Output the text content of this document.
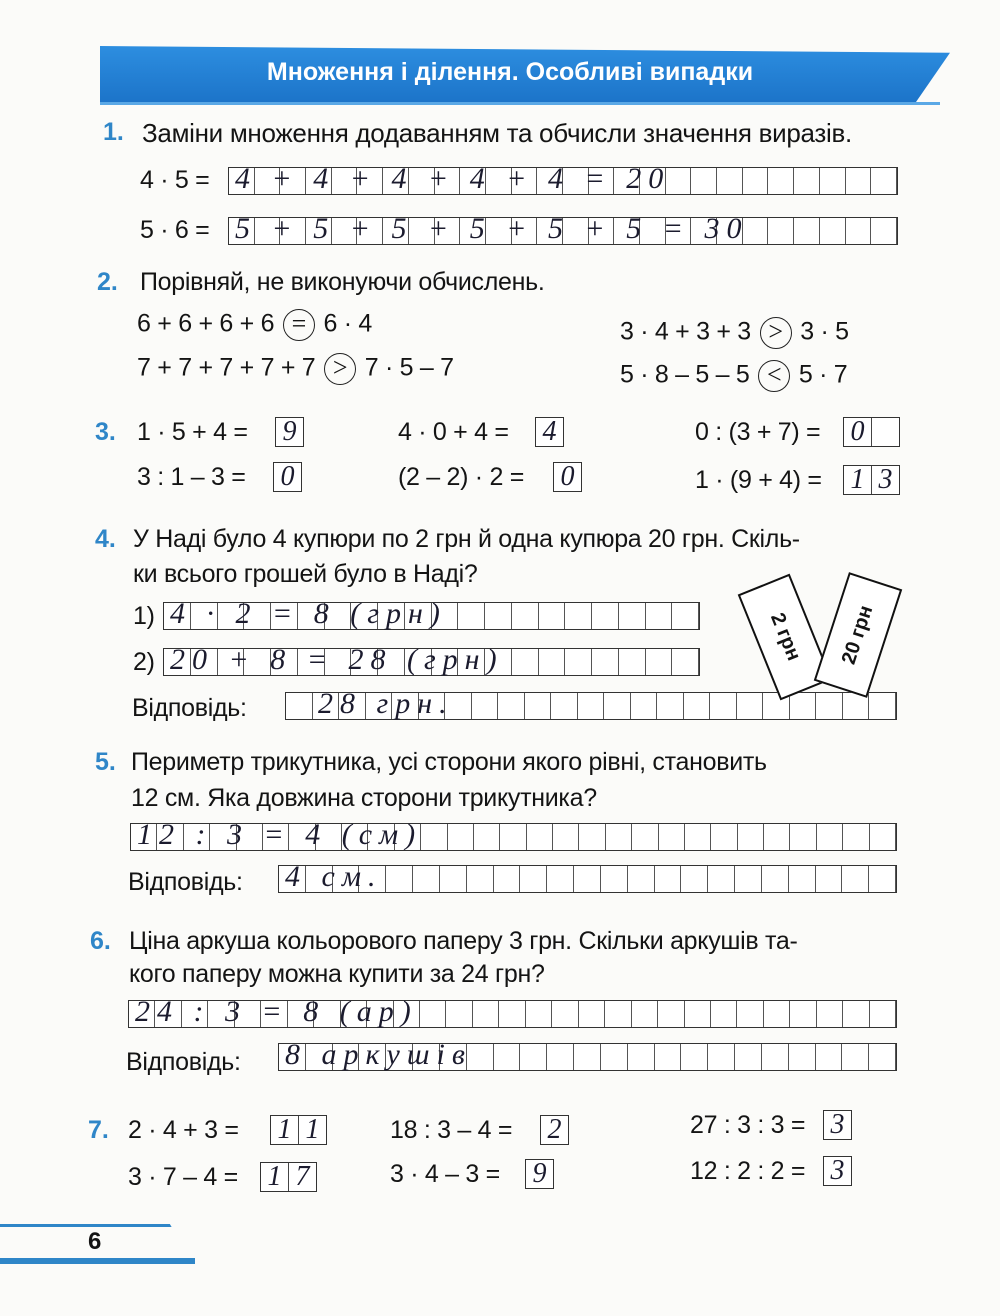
Множення і ділення. Особливі випадки
1. Заміни множення додаванням та обчисли значення виразів.
4 · 5 = 4 + 4 + 4 + 4 + 4 = 20
5 · 6 = 5 + 5 + 5 + 5 + 5 + 5 = 30
2. Порівняй, не виконуючи обчислень.
6 + 6 + 6 + 6 = 6 · 4
7 + 7 + 7 + 7 + 7 > 7 · 5 – 7
3 · 4 + 3 + 3 > 3 · 5
5 · 8 – 5 – 5 < 5 · 7
3. 1 · 5 + 4 = 9
3 : 1 – 3 = 0
4 · 0 + 4 = 4
(2 – 2) · 2 = 0
0 : (3 + 7) = 0
1 · (9 + 4) = 1 3
4. У Наді було 4 купюри по 2 грн й одна купюра 20 грн. Скіль-
ки всього грошей було в Наді?
1) 4 · 2 = 8 (грн)
2) 20 + 8 = 28 (грн)
Відповідь: 28 грн.
2 грн 20 грн
5. Периметр трикутника, усі сторони якого рівні, становить
12 см. Яка довжина сторони трикутника?
12 : 3 = 4 (см)
Відповідь: 4 см.
6. Ціна аркуша кольорового паперу 3 грн. Скільки аркушів та-
кого паперу можна купити за 24 грн?
24 : 3 = 8 (ар)
Відповідь: 8 аркушів
7. 2 · 4 + 3 = 1 1
3 · 7 – 4 = 1 7
18 : 3 – 4 = 2
3 · 4 – 3 = 9
27 : 3 : 3 = 3
12 : 2 : 2 = 3
6
